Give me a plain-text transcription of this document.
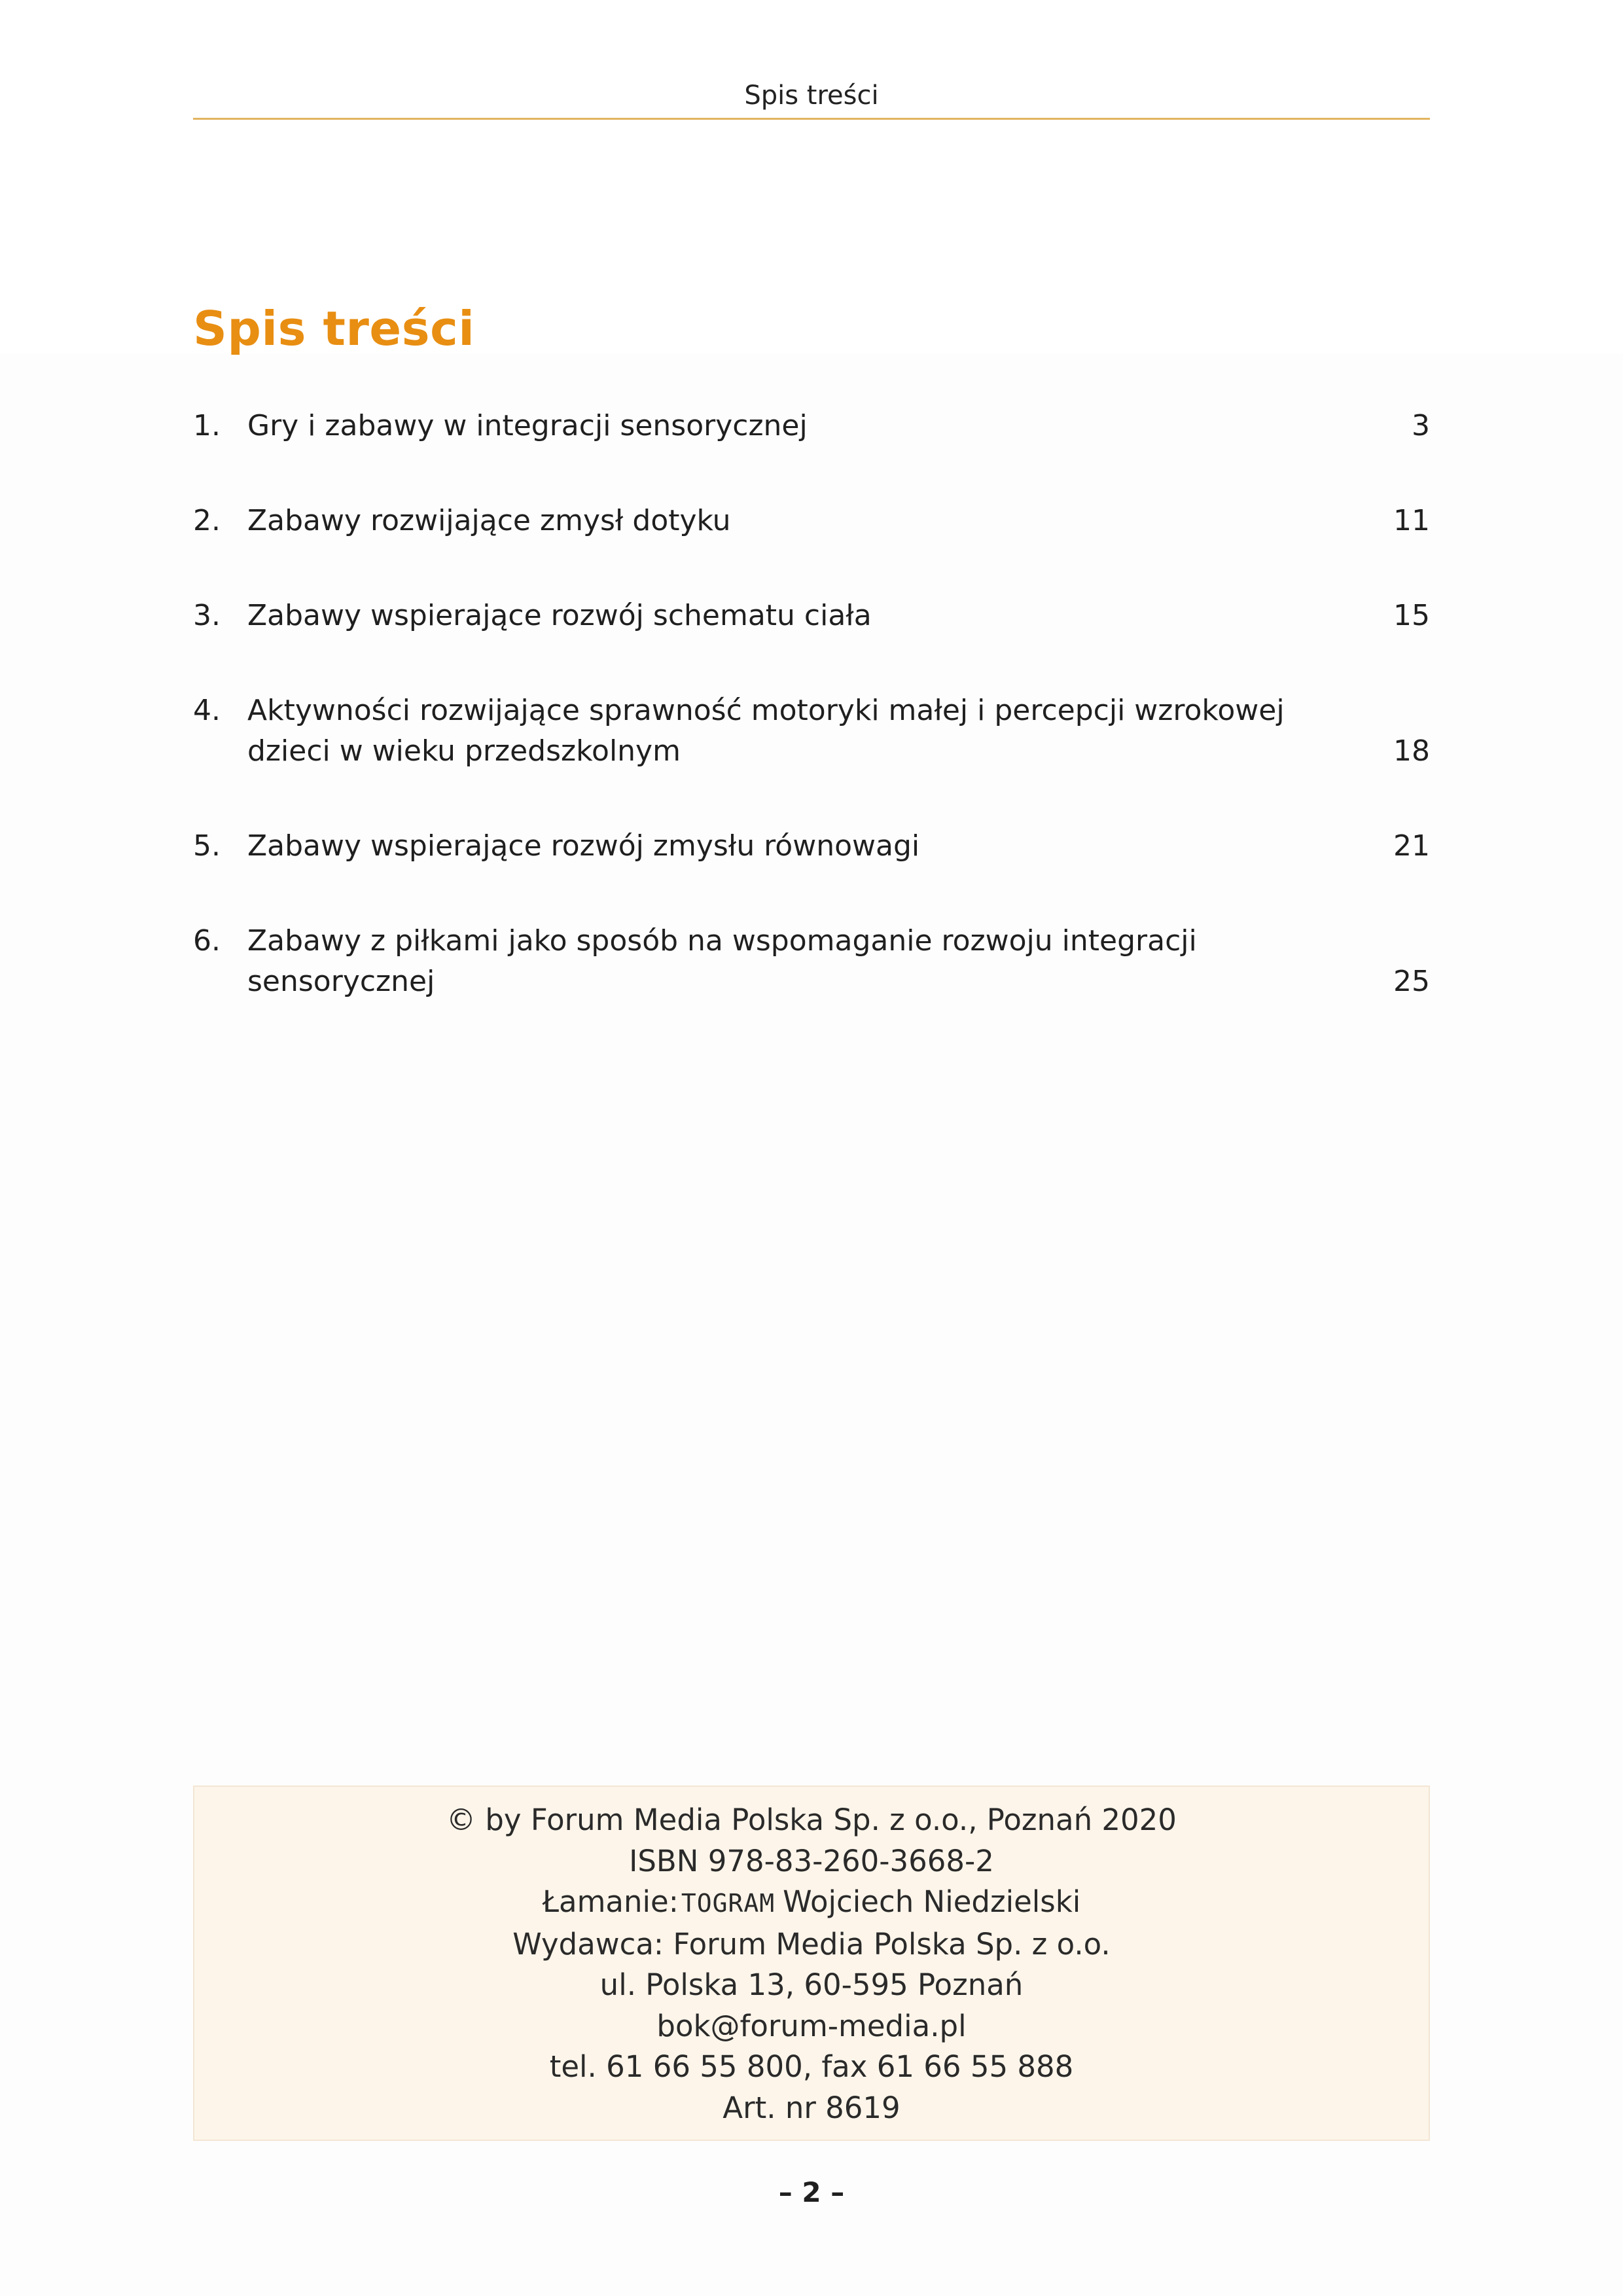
Spis treści
Spis treści
1. Gry i zabawy w integracji sensorycznej	3
2. Zabawy rozwijające zmysł dotyku	11
3. Zabawy wspierające rozwój schematu ciała	15
4. Aktywności rozwijające sprawność motoryki małej i percepcji wzrokowej dzieci w wieku przedszkolnym	18
5. Zabawy wspierające rozwój zmysłu równowagi	21
6. Zabawy z piłkami jako sposób na wspomaganie rozwoju integracji sensorycznej	25
© by Forum Media Polska Sp. z o.o., Poznań 2020
ISBN 978-83-260-3668-2
Łamanie: TOGRAM Wojciech Niedzielski
Wydawca: Forum Media Polska Sp. z o.o.
ul. Polska 13, 60-595 Poznań
bok@forum-media.pl
tel. 61 66 55 800, fax 61 66 55 888
Art. nr 8619
– 2 –
